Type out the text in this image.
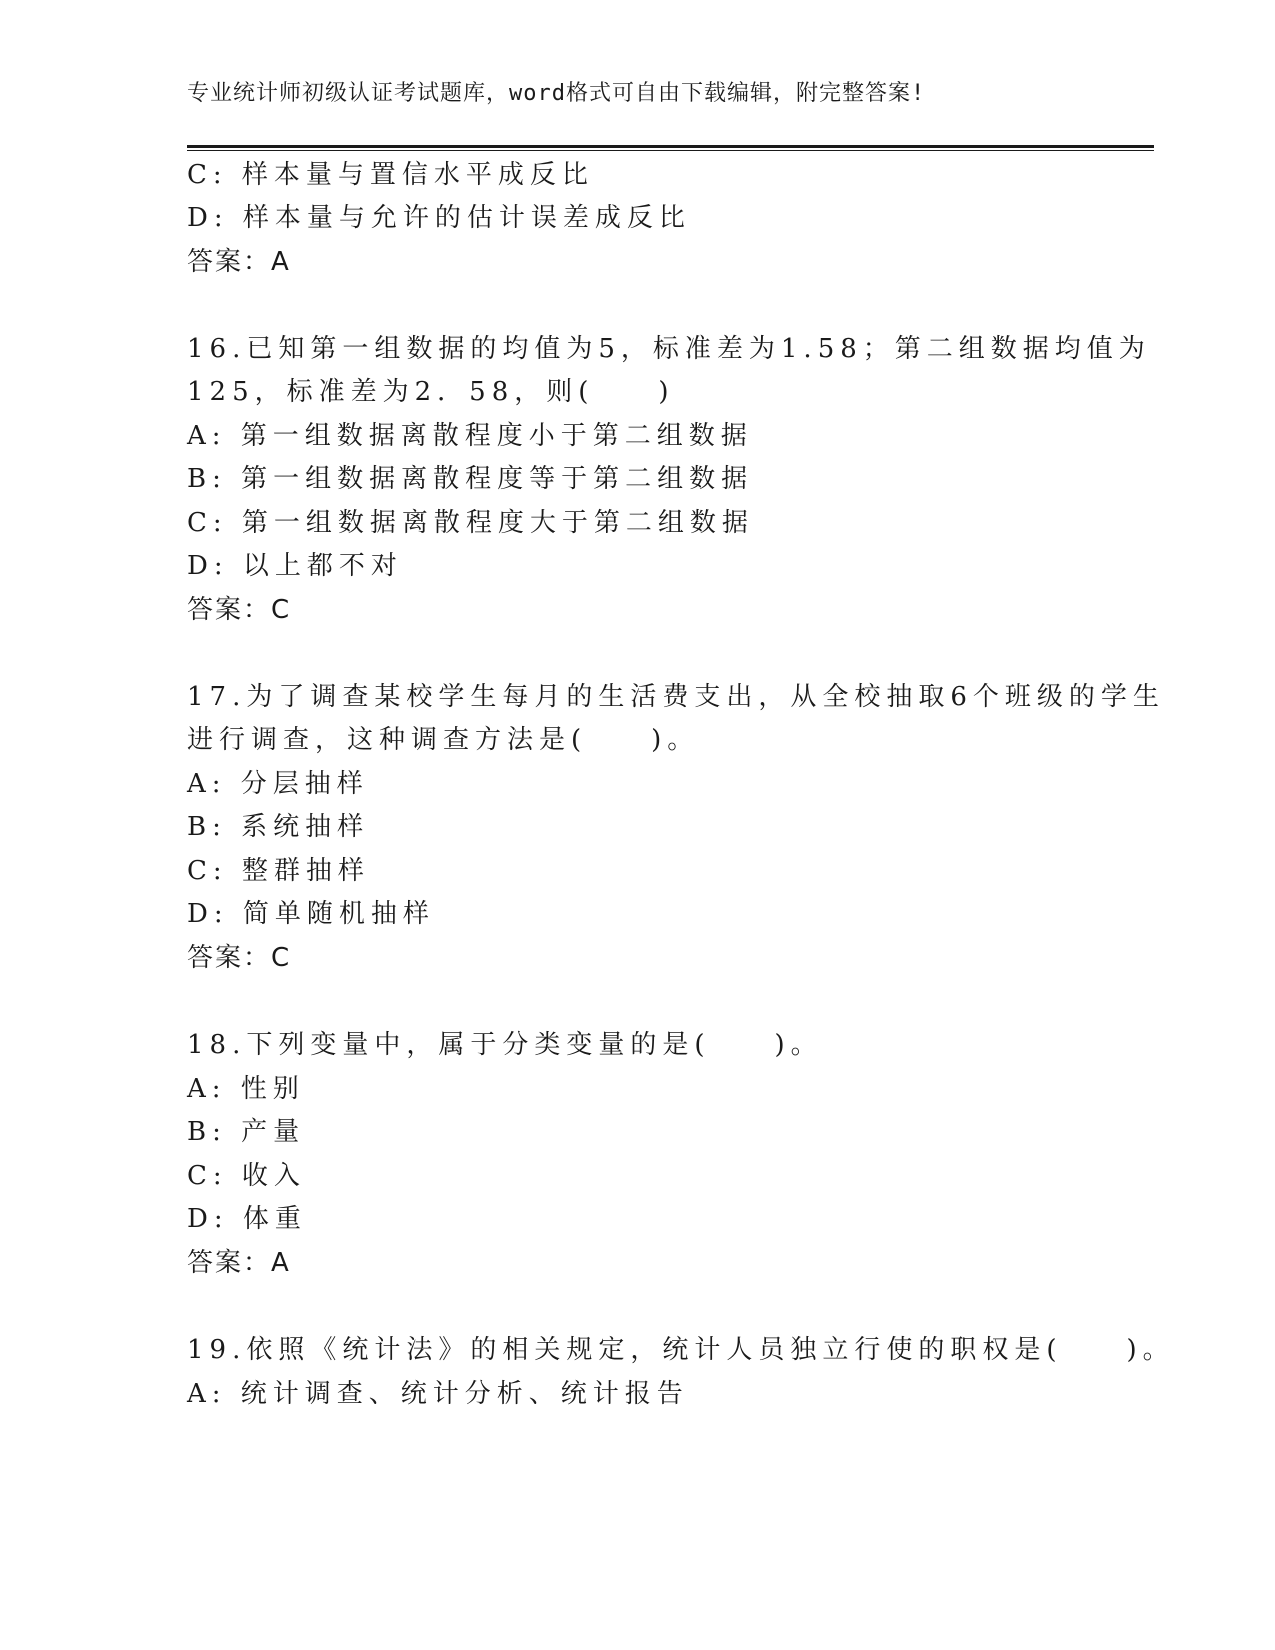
专业统计师初级认证考试题库，word格式可自由下载编辑，附完整答案!
C: 样本量与置信水平成反比
D: 样本量与允许的估计误差成反比
答案：A
16.已知第一组数据的均值为5，标准差为1.58；第二组数据均值为
125，标准差为2．58，则(　　)
A: 第一组数据离散程度小于第二组数据
B: 第一组数据离散程度等于第二组数据
C: 第一组数据离散程度大于第二组数据
D: 以上都不对
答案：C
17.为了调查某校学生每月的生活费支出，从全校抽取6个班级的学生
进行调查，这种调查方法是(　　)。
A: 分层抽样
B: 系统抽样
C: 整群抽样
D: 简单随机抽样
答案：C
18.下列变量中，属于分类变量的是(　　)。
A: 性别
B: 产量
C: 收入
D: 体重
答案：A
19.依照《统计法》的相关规定，统计人员独立行使的职权是(　　)。
A: 统计调查、统计分析、统计报告
